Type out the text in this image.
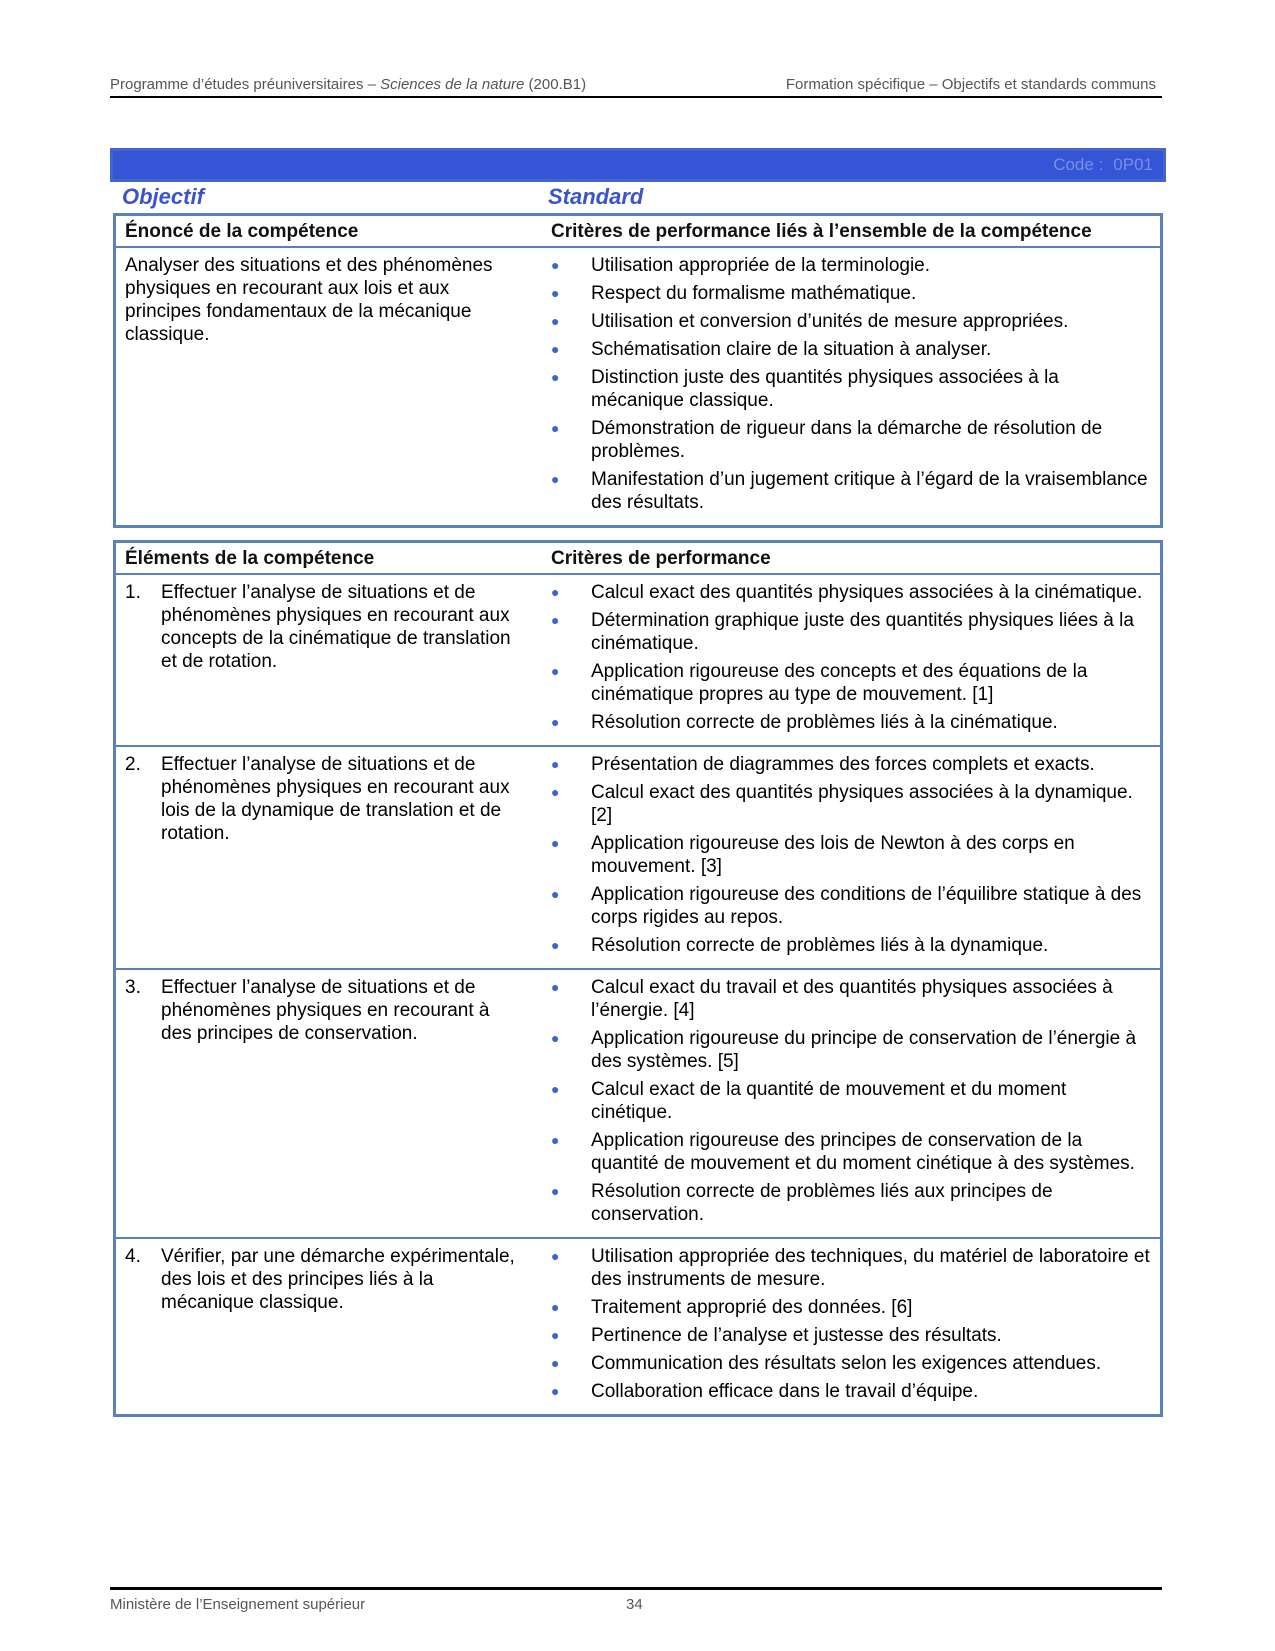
Programme d’études préuniversitaires – Sciences de la nature (200.B1)	Formation spécifique – Objectifs et standards communs
Code : 0P01
Objectif	Standard
Énoncé de la compétence	Critères de performance liés à l’ensemble de la compétence
Analyser des situations et des phénomènes physiques en recourant aux lois et aux principes fondamentaux de la mécanique classique.
●	Utilisation appropriée de la terminologie.
●	Respect du formalisme mathématique.
●	Utilisation et conversion d’unités de mesure appropriées.
●	Schématisation claire de la situation à analyser.
●	Distinction juste des quantités physiques associées à la mécanique classique.
●	Démonstration de rigueur dans la démarche de résolution de problèmes.
●	Manifestation d’un jugement critique à l’égard de la vraisemblance des résultats.
Éléments de la compétence	Critères de performance
1. Effectuer l’analyse de situations et de phénomènes physiques en recourant aux concepts de la cinématique de translation et de rotation.
●	Calcul exact des quantités physiques associées à la cinématique.
●	Détermination graphique juste des quantités physiques liées à la cinématique.
●	Application rigoureuse des concepts et des équations de la cinématique propres au type de mouvement. [1]
●	Résolution correcte de problèmes liés à la cinématique.
2. Effectuer l’analyse de situations et de phénomènes physiques en recourant aux lois de la dynamique de translation et de rotation.
●	Présentation de diagrammes des forces complets et exacts.
●	Calcul exact des quantités physiques associées à la dynamique. [2]
●	Application rigoureuse des lois de Newton à des corps en mouvement. [3]
●	Application rigoureuse des conditions de l’équilibre statique à des corps rigides au repos.
●	Résolution correcte de problèmes liés à la dynamique.
3. Effectuer l’analyse de situations et de phénomènes physiques en recourant à des principes de conservation.
●	Calcul exact du travail et des quantités physiques associées à l’énergie. [4]
●	Application rigoureuse du principe de conservation de l’énergie à des systèmes. [5]
●	Calcul exact de la quantité de mouvement et du moment cinétique.
●	Application rigoureuse des principes de conservation de la quantité de mouvement et du moment cinétique à des systèmes.
●	Résolution correcte de problèmes liés aux principes de conservation.
4. Vérifier, par une démarche expérimentale, des lois et des principes liés à la mécanique classique.
●	Utilisation appropriée des techniques, du matériel de laboratoire et des instruments de mesure.
●	Traitement approprié des données. [6]
●	Pertinence de l’analyse et justesse des résultats.
●	Communication des résultats selon les exigences attendues.
●	Collaboration efficace dans le travail d’équipe.
Ministère de l’Enseignement supérieur	34
